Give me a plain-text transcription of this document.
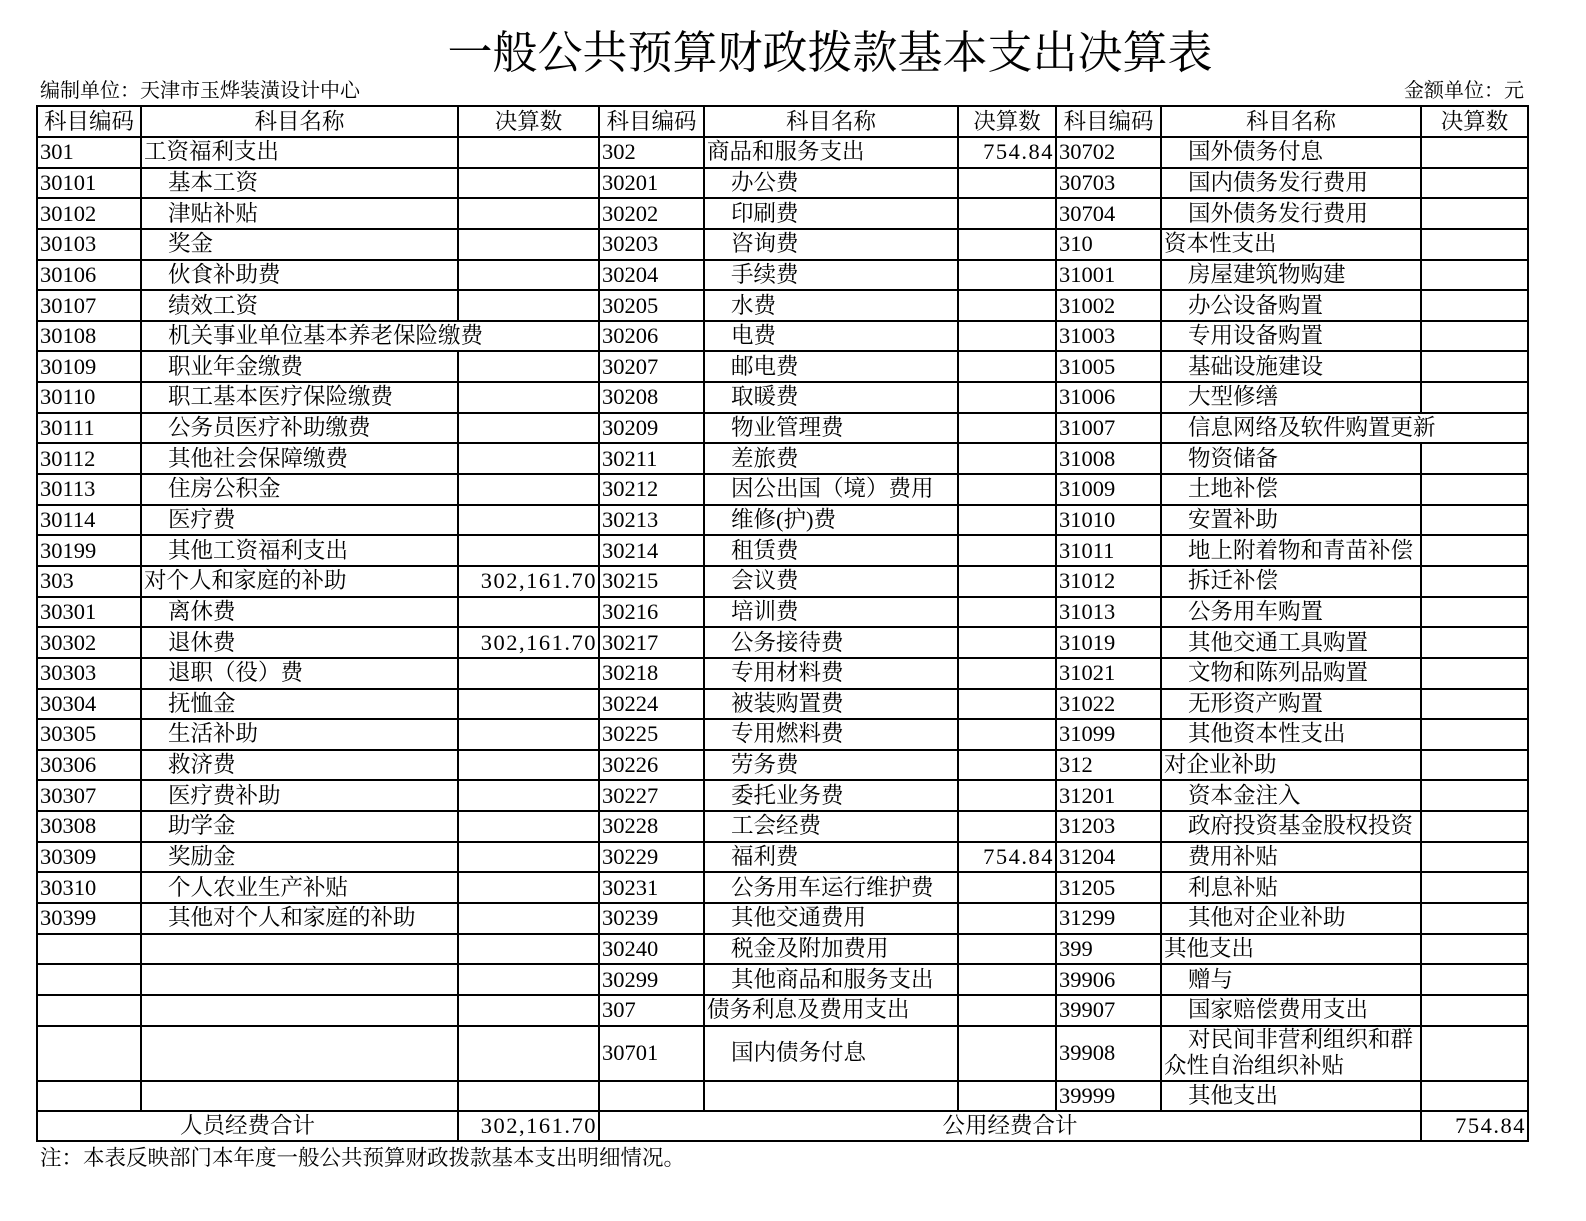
一般公共预算财政拨款基本支出决算表
编制单位：天津市玉烨装潢设计中心	金额单位：元
科目编码	科目名称	决算数	科目编码	科目名称	决算数	科目编码	科目名称	决算数
301	工资福利支出		302	商品和服务支出	754.84	30702	国外债务付息	
30101	基本工资		30201	办公费		30703	国内债务发行费用	
30102	津贴补贴		30202	印刷费		30704	国外债务发行费用	
30103	奖金		30203	咨询费		310	资本性支出	
30106	伙食补助费		30204	手续费		31001	房屋建筑物购建	
30107	绩效工资		30205	水费		31002	办公设备购置	
30108	机关事业单位基本养老保险缴费		30206	电费		31003	专用设备购置	
30109	职业年金缴费		30207	邮电费		31005	基础设施建设	
30110	职工基本医疗保险缴费		30208	取暖费		31006	大型修缮	
30111	公务员医疗补助缴费		30209	物业管理费		31007	信息网络及软件购置更新	
30112	其他社会保障缴费		30211	差旅费		31008	物资储备	
30113	住房公积金		30212	因公出国（境）费用		31009	土地补偿	
30114	医疗费		30213	维修(护)费		31010	安置补助	
30199	其他工资福利支出		30214	租赁费		31011	地上附着物和青苗补偿	
303	对个人和家庭的补助	302,161.70	30215	会议费		31012	拆迁补偿	
30301	离休费		30216	培训费		31013	公务用车购置	
30302	退休费	302,161.70	30217	公务接待费		31019	其他交通工具购置	
30303	退职（役）费		30218	专用材料费		31021	文物和陈列品购置	
30304	抚恤金		30224	被装购置费		31022	无形资产购置	
30305	生活补助		30225	专用燃料费		31099	其他资本性支出	
30306	救济费		30226	劳务费		312	对企业补助	
30307	医疗费补助		30227	委托业务费		31201	资本金注入	
30308	助学金		30228	工会经费		31203	政府投资基金股权投资	
30309	奖励金		30229	福利费	754.84	31204	费用补贴	
30310	个人农业生产补贴		30231	公务用车运行维护费		31205	利息补贴	
30399	其他对个人和家庭的补助		30239	其他交通费用		31299	其他对企业补助	
			30240	税金及附加费用		399	其他支出	
			30299	其他商品和服务支出		39906	赠与	
			307	债务利息及费用支出		39907	国家赔偿费用支出	
			30701	国内债务付息		39908	对民间非营利组织和群众性自治组织补贴	
						39999	其他支出	
人员经费合计		302,161.70	公用经费合计					754.84
注：本表反映部门本年度一般公共预算财政拨款基本支出明细情况。
